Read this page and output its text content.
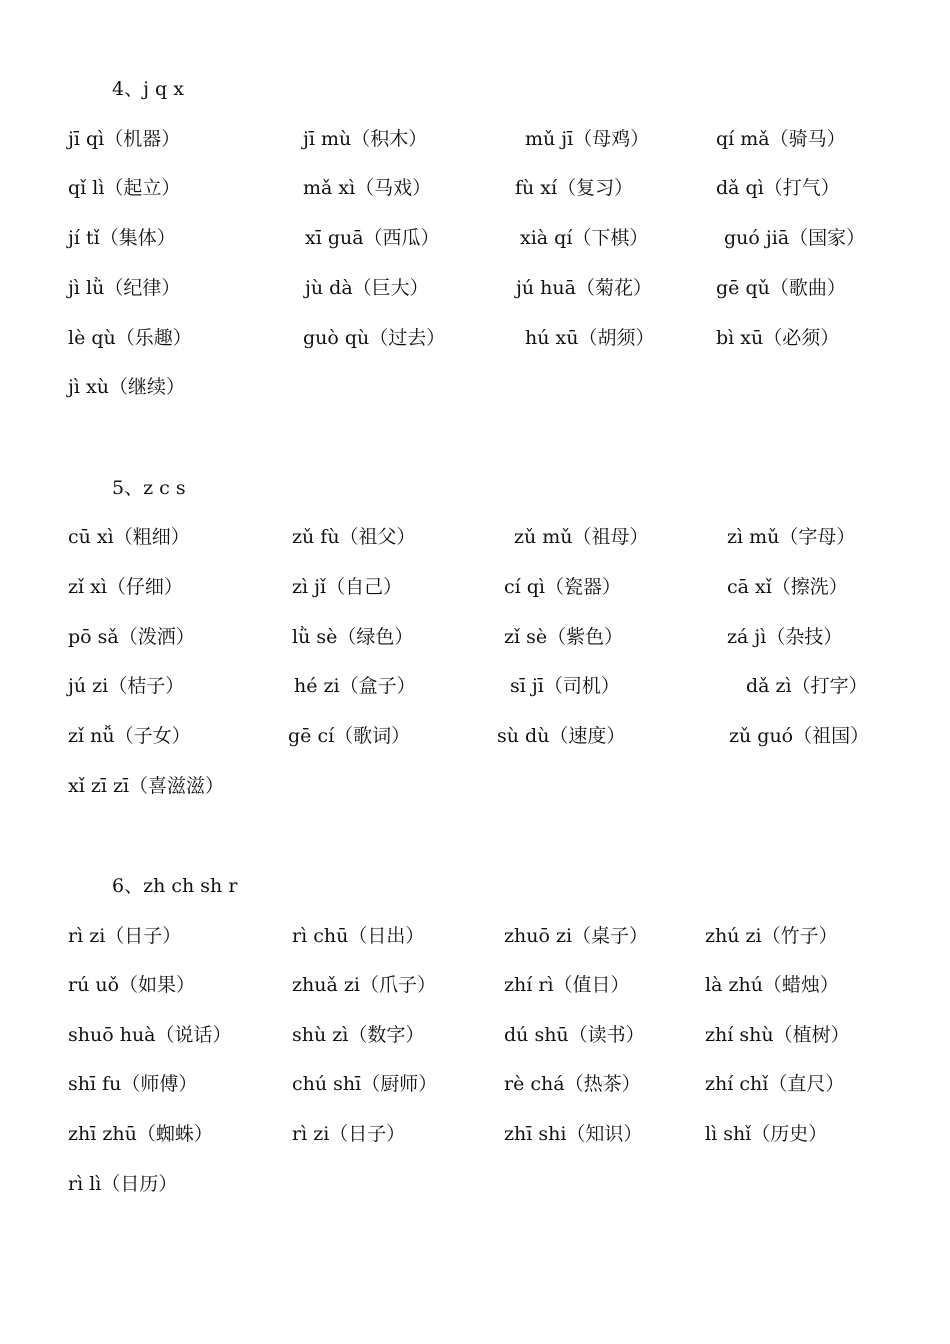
4、j q x
jī qì（机器）	jī mù（积木）	mǔ jī（母鸡）	qí mǎ（骑马）
qǐ lì（起立）	mǎ xì（马戏）	fù xí（复习）	dǎ qì（打气）
jí tǐ（集体）	xī guā（西瓜）	xià qí（下棋）	guó jiā（国家）
jì lǜ（纪律）	jù dà（巨大）	jú huā（菊花）	gē qǔ（歌曲）
lè qù（乐趣）	guò qù（过去）	hú xū（胡须）	bì xū（必须）
jì xù（继续）
5、z c s
cū xì（粗细）	zǔ fù（祖父）	zǔ mǔ（祖母）	zì mǔ（字母）
zǐ xì（仔细）	zì jǐ（自己）	cí qì（瓷器）	cā xǐ（擦洗）
pō sǎ（泼洒）	lǜ sè（绿色）	zǐ sè（紫色）	zá jì（杂技）
jú zi（桔子）	hé zi（盒子）	sī jī（司机）	dǎ zì（打字）
zǐ nǚ（子女）	gē cí（歌词）	sù dù（速度）	zǔ guó（祖国）
xǐ zī zī（喜滋滋）
6、zh ch sh r
rì zi（日子）	rì chū（日出）	zhuō zi（桌子）	zhú zi（竹子）
rú uǒ（如果）	zhuǎ zi（爪子）	zhí rì（值日）	là zhú（蜡烛）
shuō huà（说话）	shù zì（数字）	dú shū（读书）	zhí shù（植树）
shī fu（师傅）	chú shī（厨师）	rè chá（热茶）	zhí chǐ（直尺）
zhī zhū（蜘蛛）	rì zi（日子）	zhī shi（知识）	lì shǐ（历史）
rì lì（日历）
